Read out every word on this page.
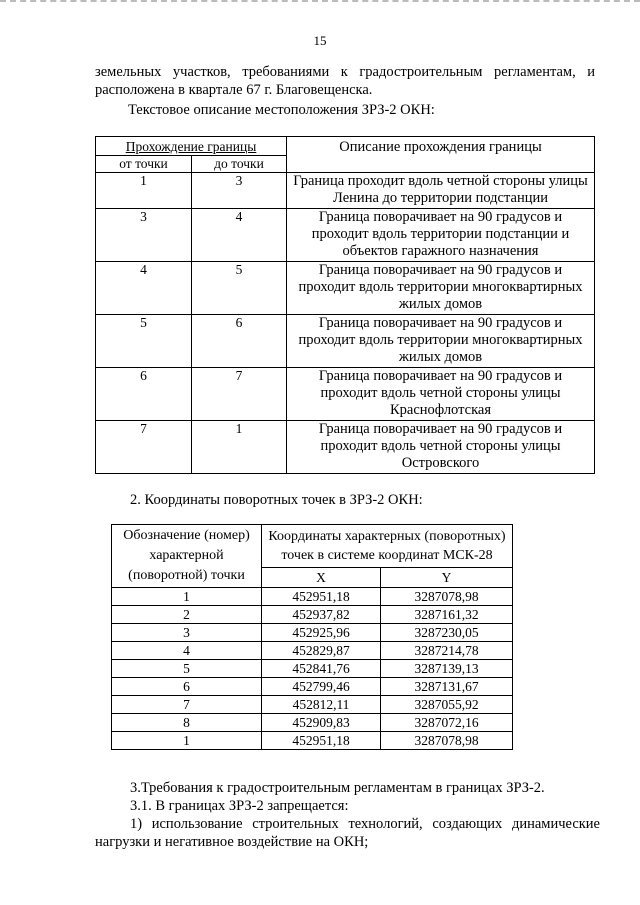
15

земельных участков, требованиями к градостроительным регламентам, и

расположена в квартале 67 г. Благовещенска.

Текстовое описание местоположения ЗРЗ-2 ОКН:

Прохождение границы		Описание прохождения границы
от точки	до точки	
1	3	Граница проходит вдоль четной стороны улицы Ленина до территории подстанции
3	4	Граница поворачивает на 90 градусов и проходит вдоль территории подстанции и объектов гаражного назначения
4	5	Граница поворачивает на 90 градусов и проходит вдоль территории многоквартирных жилых домов
5	6	Граница поворачивает на 90 градусов и проходит вдоль территории многоквартирных жилых домов
6	7	Граница поворачивает на 90 градусов и проходит вдоль четной стороны улицы Краснофлотская
7	1	Граница поворачивает на 90 градусов и проходит вдоль четной стороны улицы Островского

2. Координаты поворотных точек в ЗРЗ-2 ОКН:

Обозначение (номер) характерной (поворотной) точки	Координаты характерных (поворотных) точек в системе координат МСК-28	
	X	Y
1	452951,18	3287078,98
2	452937,82	3287161,32
3	452925,96	3287230,05
4	452829,87	3287214,78
5	452841,76	3287139,13
6	452799,46	3287131,67
7	452812,11	3287055,92
8	452909,83	3287072,16
1	452951,18	3287078,98

3.Требования к градостроительным регламентам в границах ЗРЗ-2.

3.1. В границах ЗРЗ-2 запрещается:

1) использование строительных технологий, создающих динамические

нагрузки и негативное воздействие на ОКН;
